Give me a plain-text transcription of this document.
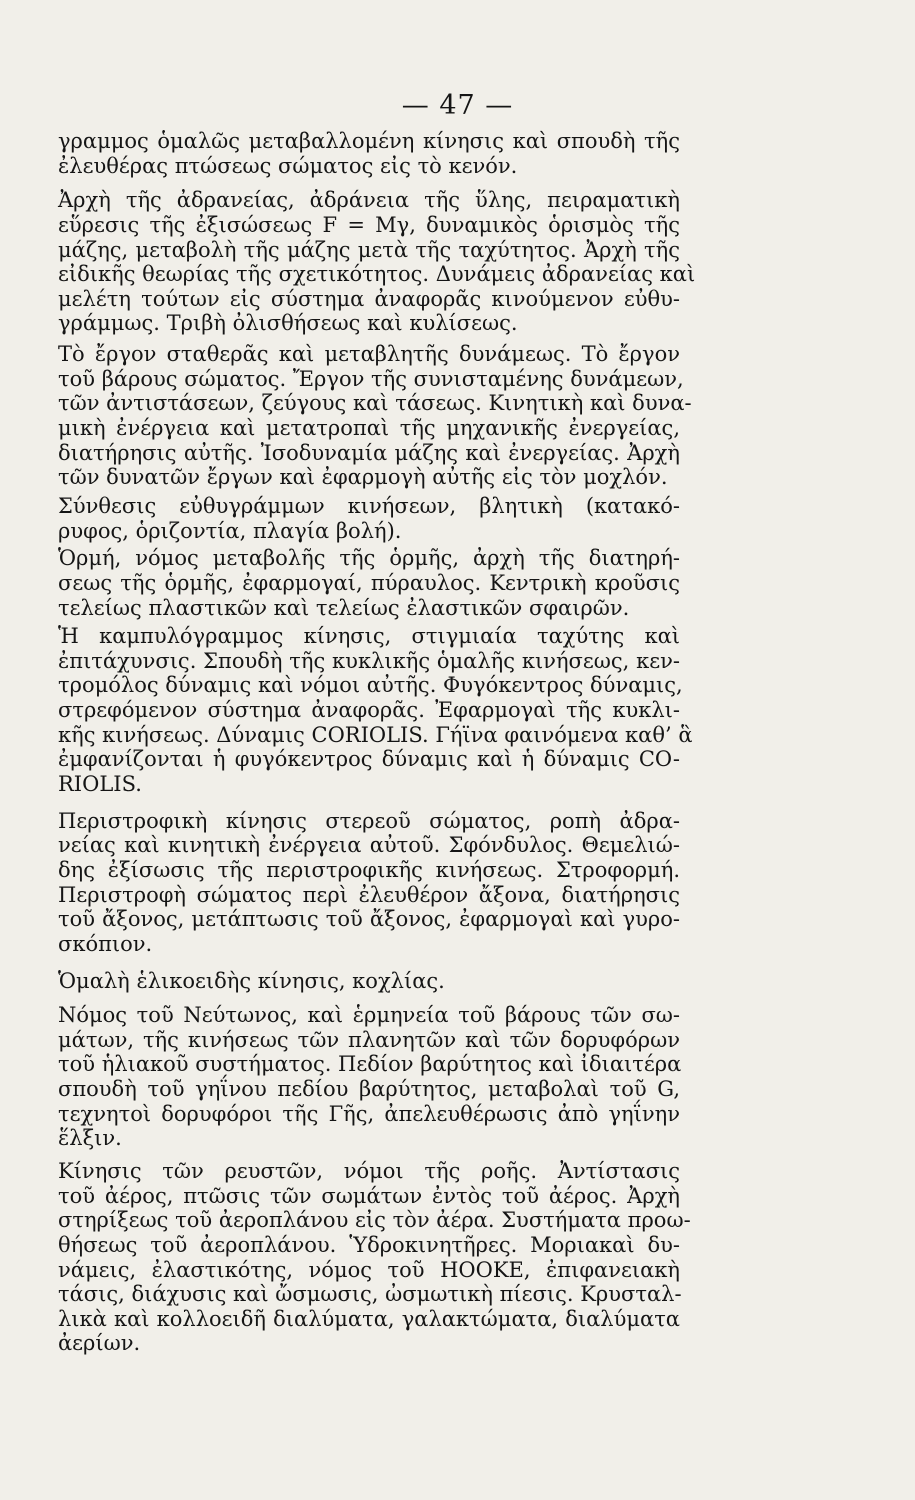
— 47 —
γραμμος ὁμαλῶς μεταβαλλομένη κίνησις καὶ σπουδὴ τῆς
ἐλευθέρας πτώσεως σώματος εἰς τὸ κενόν.
Ἀρχὴ τῆς ἀδρανείας, ἀδράνεια τῆς ὕλης, πειραματικὴ
εὕρεσις τῆς ἐξισώσεως F = Mγ, δυναμικὸς ὁρισμὸς τῆς
μάζης, μεταβολὴ τῆς μάζης μετὰ τῆς ταχύτητος. Ἀρχὴ τῆς
εἰδικῆς θεωρίας τῆς σχετικότητος. Δυνάμεις ἀδρανείας καὶ
μελέτη τούτων εἰς σύστημα ἀναφορᾶς κινούμενον εὐθυ-
γράμμως. Τριβὴ ὀλισθήσεως καὶ κυλίσεως.
Τὸ ἔργον σταθερᾶς καὶ μεταβλητῆς δυνάμεως. Τὸ ἔργον
τοῦ βάρους σώματος. Ἔργον τῆς συνισταμένης δυνάμεων,
τῶν ἀντιστάσεων, ζεύγους καὶ τάσεως. Κινητικὴ καὶ δυνα-
μικὴ ἐνέργεια καὶ μετατροπαὶ τῆς μηχανικῆς ἐνεργείας,
διατήρησις αὐτῆς. Ἰσοδυναμία μάζης καὶ ἐνεργείας. Ἀρχὴ
τῶν δυνατῶν ἔργων καὶ ἐφαρμογὴ αὐτῆς εἰς τὸν μοχλόν.
Σύνθεσις εὐθυγράμμων κινήσεων, βλητικὴ (κατακό-
ρυφος, ὁριζοντία, πλαγία βολή).
Ὁρμή, νόμος μεταβολῆς τῆς ὁρμῆς, ἀρχὴ τῆς διατηρή-
σεως τῆς ὁρμῆς, ἐφαρμογαί, πύραυλος. Κεντρικὴ κροῦσις
τελείως πλαστικῶν καὶ τελείως ἐλαστικῶν σφαιρῶν.
Ἡ καμπυλόγραμμος κίνησις, στιγμιαία ταχύτης καὶ
ἐπιτάχυνσις. Σπουδὴ τῆς κυκλικῆς ὁμαλῆς κινήσεως, κεν-
τρομόλος δύναμις καὶ νόμοι αὐτῆς. Φυγόκεντρος δύναμις,
στρεφόμενον σύστημα ἀναφορᾶς. Ἐφαρμογαὶ τῆς κυκλι-
κῆς κινήσεως. Δύναμις CORIOLIS. Γήϊνα φαινόμενα καθ’ ἃ
ἐμφανίζονται ἡ φυγόκεντρος δύναμις καὶ ἡ δύναμις CO-
RIOLIS.
Περιστροφικὴ κίνησις στερεοῦ σώματος, ροπὴ ἀδρα-
νείας καὶ κινητικὴ ἐνέργεια αὐτοῦ. Σφόνδυλος. Θεμελιώ-
δης ἐξίσωσις τῆς περιστροφικῆς κινήσεως. Στροφορμή.
Περιστροφὴ σώματος περὶ ἐλευθέρον ἄξονα, διατήρησις
τοῦ ἄξονος, μετάπτωσις τοῦ ἄξονος, ἐφαρμογαὶ καὶ γυρο-
σκόπιον.
Ὁμαλὴ ἑλικοειδὴς κίνησις, κοχλίας.
Νόμος τοῦ Νεύτωνος, καὶ ἑρμηνεία τοῦ βάρους τῶν σω-
μάτων, τῆς κινήσεως τῶν πλανητῶν καὶ τῶν δορυφόρων
τοῦ ἡλιακοῦ συστήματος. Πεδίον βαρύτητος καὶ ἰδιαιτέρα
σπουδὴ τοῦ γηΐνου πεδίου βαρύτητος, μεταβολαὶ τοῦ G,
τεχνητοὶ δορυφόροι τῆς Γῆς, ἀπελευθέρωσις ἀπὸ γηΐνην
ἕλξιν.
Κίνησις τῶν ρευστῶν, νόμοι τῆς ροῆς. Ἀντίστασις
τοῦ ἀέρος, πτῶσις τῶν σωμάτων ἐντὸς τοῦ ἀέρος. Ἀρχὴ
στηρίξεως τοῦ ἀεροπλάνου εἰς τὸν ἀέρα. Συστήματα προω-
θήσεως τοῦ ἀεροπλάνου. Ὑδροκινητῆρες. Μοριακαὶ δυ-
νάμεις, ἐλαστικότης, νόμος τοῦ HOOKE, ἐπιφανειακὴ
τάσις, διάχυσις καὶ ὤσμωσις, ὠσμωτικὴ πίεσις. Κρυσταλ-
λικὰ καὶ κολλοειδῆ διαλύματα, γαλακτώματα, διαλύματα
ἀερίων.
